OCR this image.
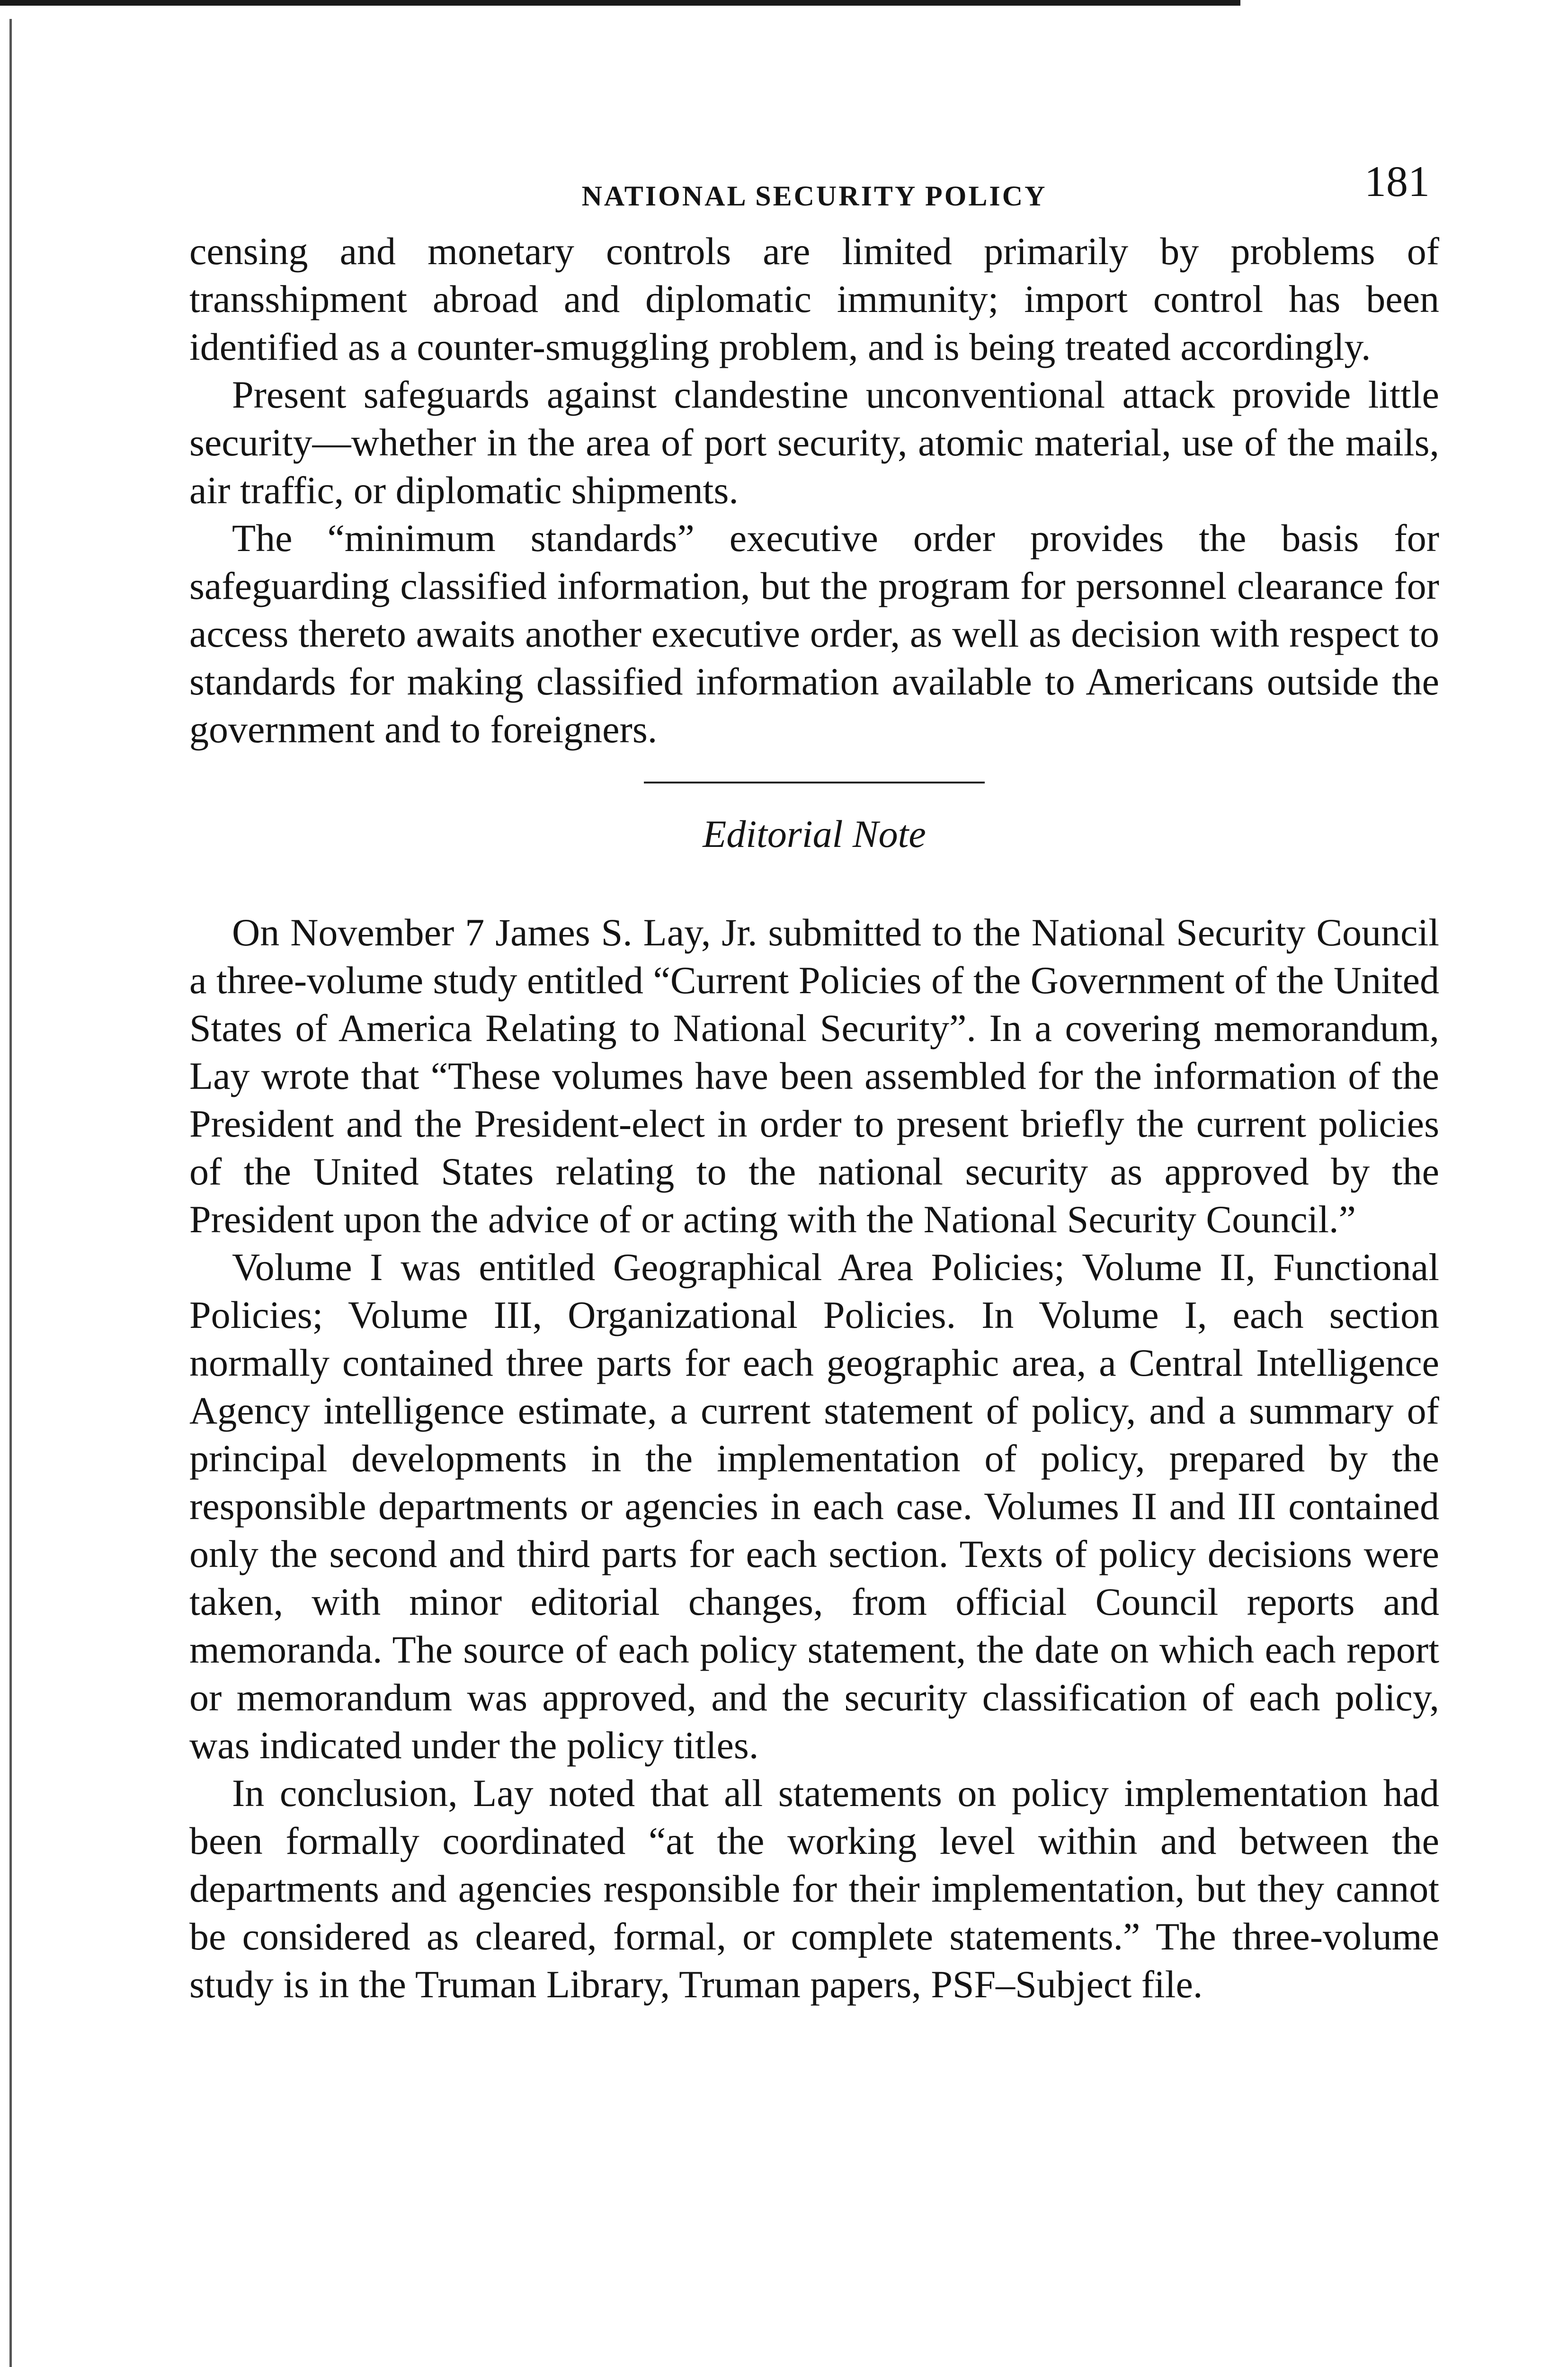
NATIONAL SECURITY POLICY	181

censing and monetary controls are limited primarily by problems of transshipment abroad and diplomatic immunity; import control has been identified as a counter-smuggling problem, and is being treated accordingly.

Present safeguards against clandestine unconventional attack provide little security—whether in the area of port security, atomic material, use of the mails, air traffic, or diplomatic shipments.

The “minimum standards” executive order provides the basis for safeguarding classified information, but the program for personnel clearance for access thereto awaits another executive order, as well as decision with respect to standards for making classified information available to Americans outside the government and to foreigners.

Editorial Note

On November 7 James S. Lay, Jr. submitted to the National Security Council a three-volume study entitled “Current Policies of the Government of the United States of America Relating to National Security”. In a covering memorandum, Lay wrote that “These volumes have been assembled for the information of the President and the President-elect in order to present briefly the current policies of the United States relating to the national security as approved by the President upon the advice of or acting with the National Security Council.”

Volume I was entitled Geographical Area Policies; Volume II, Functional Policies; Volume III, Organizational Policies. In Volume I, each section normally contained three parts for each geographic area, a Central Intelligence Agency intelligence estimate, a current statement of policy, and a summary of principal developments in the implementation of policy, prepared by the responsible departments or agencies in each case. Volumes II and III contained only the second and third parts for each section. Texts of policy decisions were taken, with minor editorial changes, from official Council reports and memoranda. The source of each policy statement, the date on which each report or memorandum was approved, and the security classification of each policy, was indicated under the policy titles.

In conclusion, Lay noted that all statements on policy implementation had been formally coordinated “at the working level within and between the departments and agencies responsible for their implementation, but they cannot be considered as cleared, formal, or complete statements.” The three-volume study is in the Truman Library, Truman papers, PSF–Subject file.
